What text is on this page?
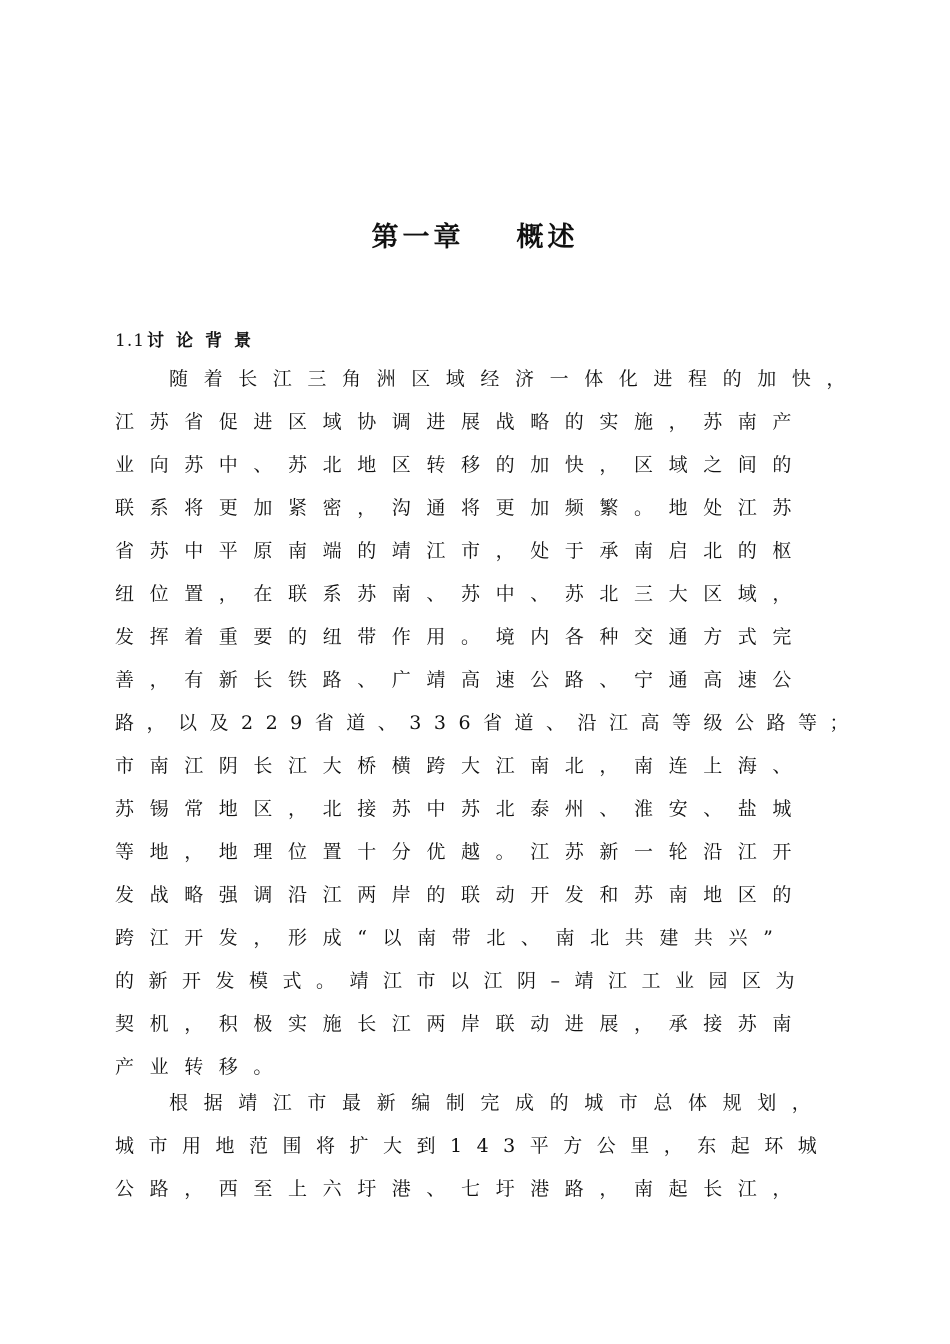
第一章 概述
1.1 讨论背景
随着长江三角洲区域经济一体化进程的加快，
江苏省促进区域协调进展战略的实施，苏南产
业向苏中、苏北地区转移的加快，区域之间的
联系将更加紧密，沟通将更加频繁。地处江苏
省苏中平原南端的靖江市，处于承南启北的枢
纽位置，在联系苏南、苏中、苏北三大区域，
发挥着重要的纽带作用。境内各种交通方式完
善，有新长铁路、广靖高速公路、宁通高速公
路，以及229省道、336省道、沿江高等级公路等；
市南江阴长江大桥横跨大江南北，南连上海、
苏锡常地区，北接苏中苏北泰州、淮安、盐城
等地，地理位置十分优越。江苏新一轮沿江开
发战略强调沿江两岸的联动开发和苏南地区的
跨江开发，形成“以南带北、南北共建共兴”
的新开发模式。靖江市以江阴–靖江工业园区为
契机，积极实施长江两岸联动进展，承接苏南
产业转移。
根据靖江市最新编制完成的城市总体规划，
城市用地范围将扩大到143平方公里，东起环城
公路，西至上六圩港、七圩港路，南起长江，
